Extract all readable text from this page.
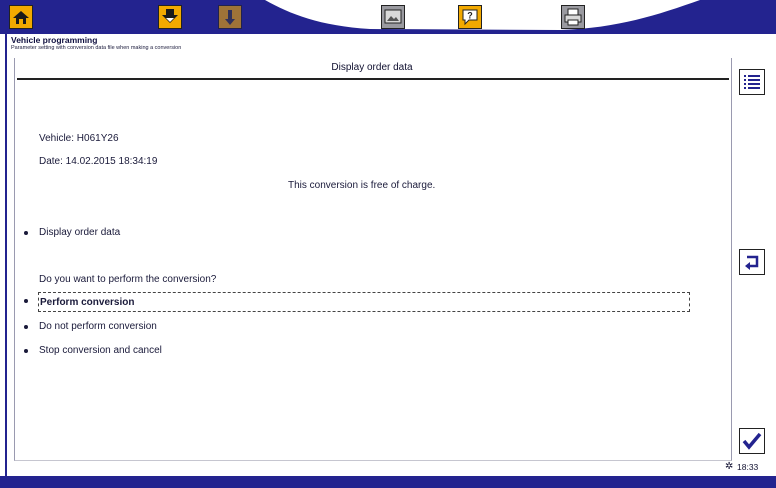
?
Vehicle programming
Parameter setting with conversion data file when making a conversion
Display order data
Vehicle: H061Y26
Date: 14.02.2015 18:34:19
This conversion is free of charge.
Display order data
Do you want to perform the conversion?
Perform conversion
Do not perform conversion
Stop conversion and cancel
✲ 18:33
